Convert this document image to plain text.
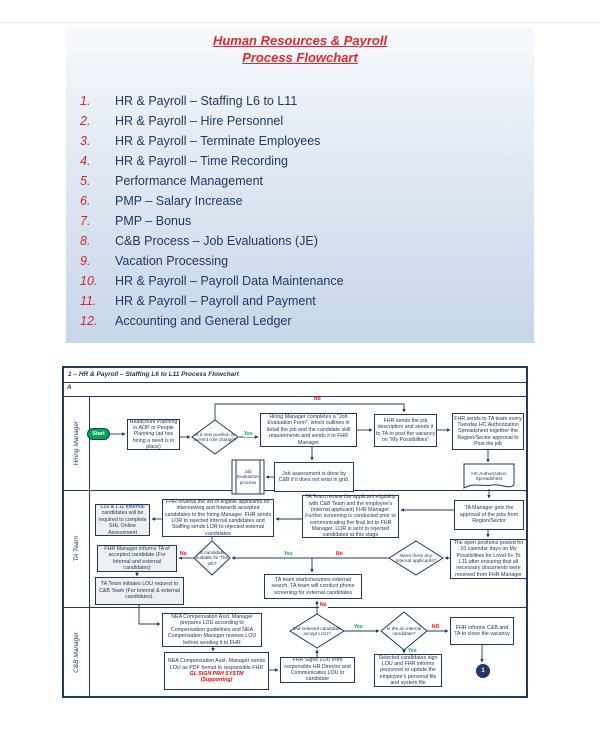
Human Resources & Payroll
Process Flowchart
1.	HR & Payroll – Staffing L6 to L11
2.	HR & Payroll – Hire Personnel
3.	HR & Payroll – Terminate Employees
4.	HR & Payroll – Time Recording
5.	Performance Management
6.	PMP – Salary Increase
7.	PMP – Bonus
8.	C&B Process – Job Evaluations (JE)
9.	Vacation Processing
10.	HR & Payroll – Payroll Data Maintenance
11.	HR & Payroll – Payroll and Payment
12.	Accounting and General Ledger
1 – HR & Payroll – Staffing L6 to L11 Process Flowchart
A
Hiring Manager
TA Team
C&B Manager
Start
Headcount Planning in AOP or People Planning (ad hoc hiring a need is in place)
Is it new position or current role change?
Hiring Manager completes a "Job Evaluation Form", which outlines in detail the job and the candidate skill requirements and sends it to FHR Manager
FHR sends the job description and sends it to TA to post the vacancy on "My Possibilities"
FHR sends to TA team every Tuesday HC Authorization Spreadsheet together the Region/Sector approval to Post the job
HC Authorization Spreadsheet
Job Evaluation process
Job assessment is done by C&B if it does not exist in grid.
L10 & L11 external candidates will be required to complete SHL Online Assessment
FHR reviews the list of eligible applicants for interviewing and forwards accepted candidates to the hiring Manager. FHR sends LOR to rejected internal candidates and Staffing sends LOR to rejected external candidates
TA Team review the applicant eligibility with C&B Team and the employee's (internal applicant) FHR Manager. Further screening is conducted prior to communicating the final list to FHR Manager. LOR is sent to rejected candidates at this stage
TA Manager gets the approval of the jobs from Region/Sector
The open positions posted for 10 calendar days on My Possibilities for Level 6+ To L11 after ensuring that all necessary documents were received from FHR Manager
Is candidate suitable for The job?
FHR Manager informs TA of accepted candidate (For Internal and external candidates)
Were there any internal applicants?
TA team starts/resumes external search. TA team will conduct phone screening for external candidates
TA Team initiates LOU request to C&B Team (For Internal & external candidates).
NEA Compensation Asst. Manager prepares LOU according to Compensation guidelines and NEA Compensation Manager reviews LOU before sending it to FHR
NEA Compensation Asst. Manager sends LOU as PDF format to responsible FHR
GL SIGN PRH SYSTM
(Supporting)
Did selected candidate accept LOU?
Is the an internal candidate?
FHR informs C&B and TA to close the vacancy
FHR Signs LOU from responsible HR Director and Communicates LOU to candidate
Selected candidates sign LOU and FHR informs personnel to update the employee's personal file and system file
1
No
Yes
No	Yes	No
No
Yes	NO
Yes
